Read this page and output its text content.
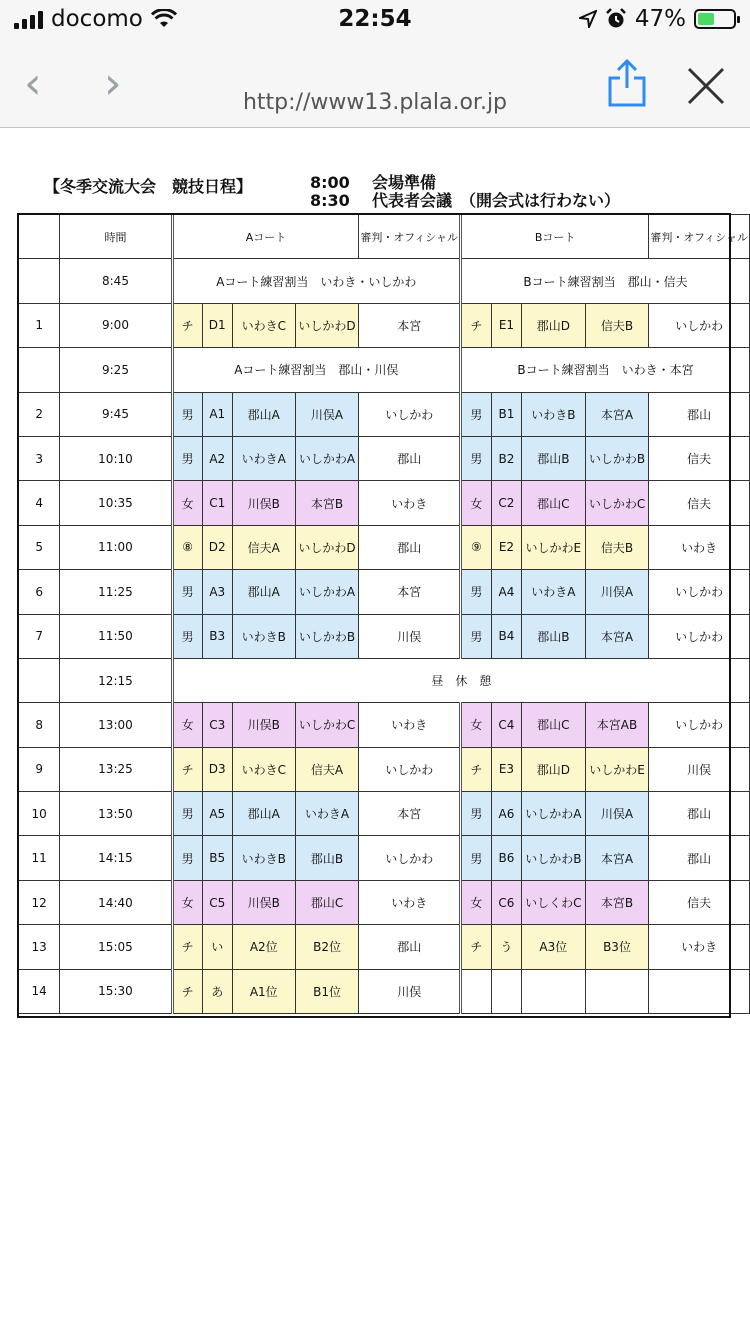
docomo	22:54	47%
‹ ›	http://www13.plala.or.jp
【冬季交流大会　競技日程】	8:00 会場準備
8:30 代表者会議　（開会式は行わない）
	時間	Aコート				審判・オフィシャル	Bコート				審判・オフィシャル
	8:45	Aコート練習割当　いわき・いしかわ					Bコート練習割当　郡山・信夫				
1	9:00	チ	D1	いわきC	いしかわD	本宮	チ	E1	郡山D	信夫B	いしかわ
	9:25	Aコート練習割当　郡山・川俣					Bコート練習割当　いわき・本宮				
2	9:45	男	A1	郡山A	川俣A	いしかわ	男	B1	いわきB	本宮A	郡山
3	10:10	男	A2	いわきA	いしかわA	郡山	男	B2	郡山B	いしかわB	信夫
4	10:35	女	C1	川俣B	本宮B	いわき	女	C2	郡山C	いしかわC	信夫
5	11:00	⑧	D2	信夫A	いしかわD	郡山	⑨	E2	いしかわE	信夫B	いわき
6	11:25	男	A3	郡山A	いしかわA	本宮	男	A4	いわきA	川俣A	いしかわ
7	11:50	男	B3	いわきB	いしかわB	川俣	男	B4	郡山B	本宮A	いしかわ
	12:15	昼　休　憩									
8	13:00	女	C3	川俣B	いしかわC	いわき	女	C4	郡山C	本宮AB	いしかわ
9	13:25	チ	D3	いわきC	信夫A	いしかわ	チ	E3	郡山D	いしかわE	川俣
10	13:50	男	A5	郡山A	いわきA	本宮	男	A6	いしかわA	川俣A	郡山
11	14:15	男	B5	いわきB	郡山B	いしかわ	男	B6	いしかわB	本宮A	郡山
12	14:40	女	C5	川俣B	郡山C	いわき	女	C6	いしくわC	本宮B	信夫
13	15:05	チ	い	A2位	B2位	郡山	チ	う	A3位	B3位	いわき
14	15:30	チ	あ	A1位	B1位	川俣					
